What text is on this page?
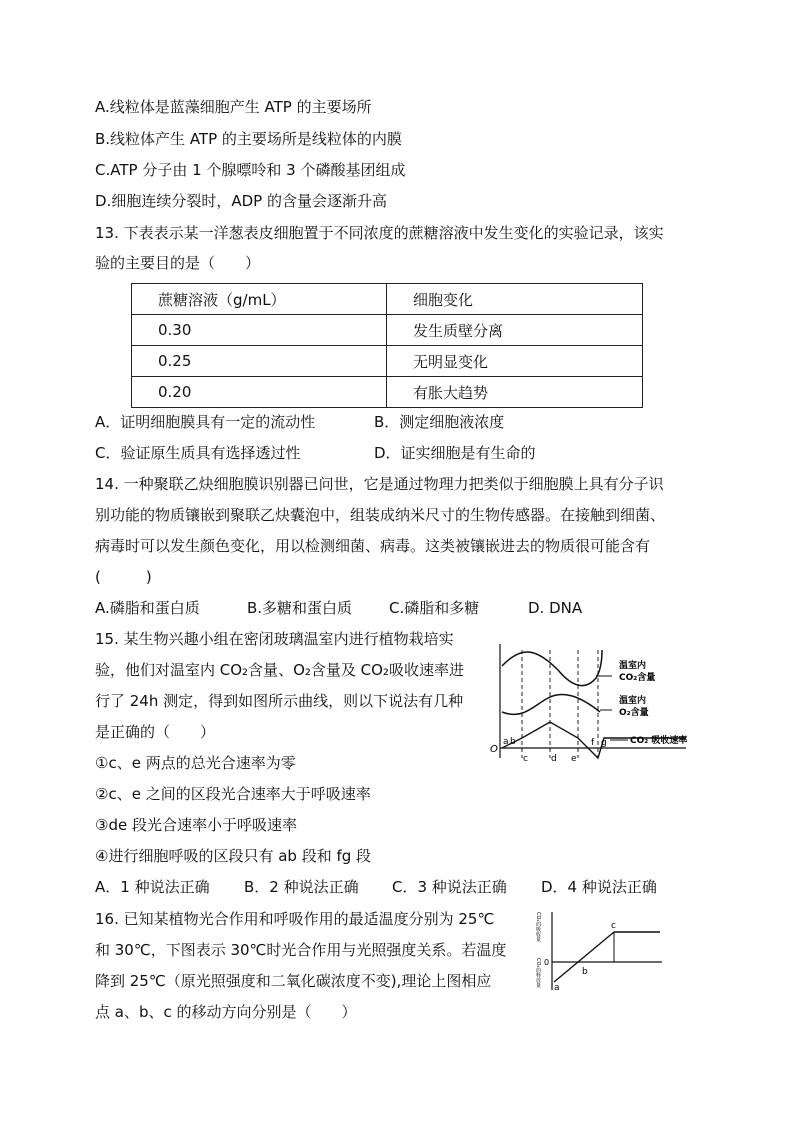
A.线粒体是蓝藻细胞产生 ATP 的主要场所
B.线粒体产生 ATP 的主要场所是线粒体的内膜
C.ATP 分子由 1 个腺嘌呤和 3 个磷酸基团组成
D.细胞连续分裂时，ADP 的含量会逐渐升高
13. 下表表示某一洋葱表皮细胞置于不同浓度的蔗糖溶液中发生变化的实验记录，该实
验的主要目的是（　　）
蔗糖溶液（g/mL）	细胞变化
0.30	发生质壁分离
0.25	无明显变化
0.20	有胀大趋势
A．证明细胞膜具有一定的流动性	B．测定细胞液浓度
C．验证原生质具有选择透过性	D．证实细胞是有生命的
14. 一种聚联乙炔细胞膜识别器已问世，它是通过物理力把类似于细胞膜上具有分子识
别功能的物质镶嵌到聚联乙炔囊泡中，组装成纳米尺寸的生物传感器。在接触到细菌、
病毒时可以发生颜色变化，用以检测细菌、病毒。这类被镶嵌进去的物质很可能含有
(　　　)
A.磷脂和蛋白质	B.多糖和蛋白质 C.磷脂和多糖	D. DNA
15. 某生物兴趣小组在密闭玻璃温室内进行植物栽培实
验，他们对温室内 CO₂含量、O₂含量及 CO₂吸收速率进
行了 24h 测定，得到如图所示曲线，则以下说法有几种
是正确的（　　）
温室内
CO₂含量
温室内
O₂含量
CO₂ 吸收速率
O
a b
c	d e
f g
①c、e 两点的总光合速率为零
②c、e 之间的区段光合速率大于呼吸速率
③de 段光合速率小于呼吸速率
④进行细胞呼吸的区段只有 ab 段和 fg 段
A．1 种说法正确 B．2 种说法正确 C．3 种说法正确 D．4 种说法正确
16. 已知某植物光合作用和呼吸作用的最适温度分别为 25℃
和 30℃，下图表示 30℃时光合作用与光照强度关系。若温度
降到 25℃（原光照强度和二氧化碳浓度不变),理论上图相应
点 a、b、c 的移动方向分别是（　　）
CO₂的吸收量
CO₂的释放量 0
a
b
c
